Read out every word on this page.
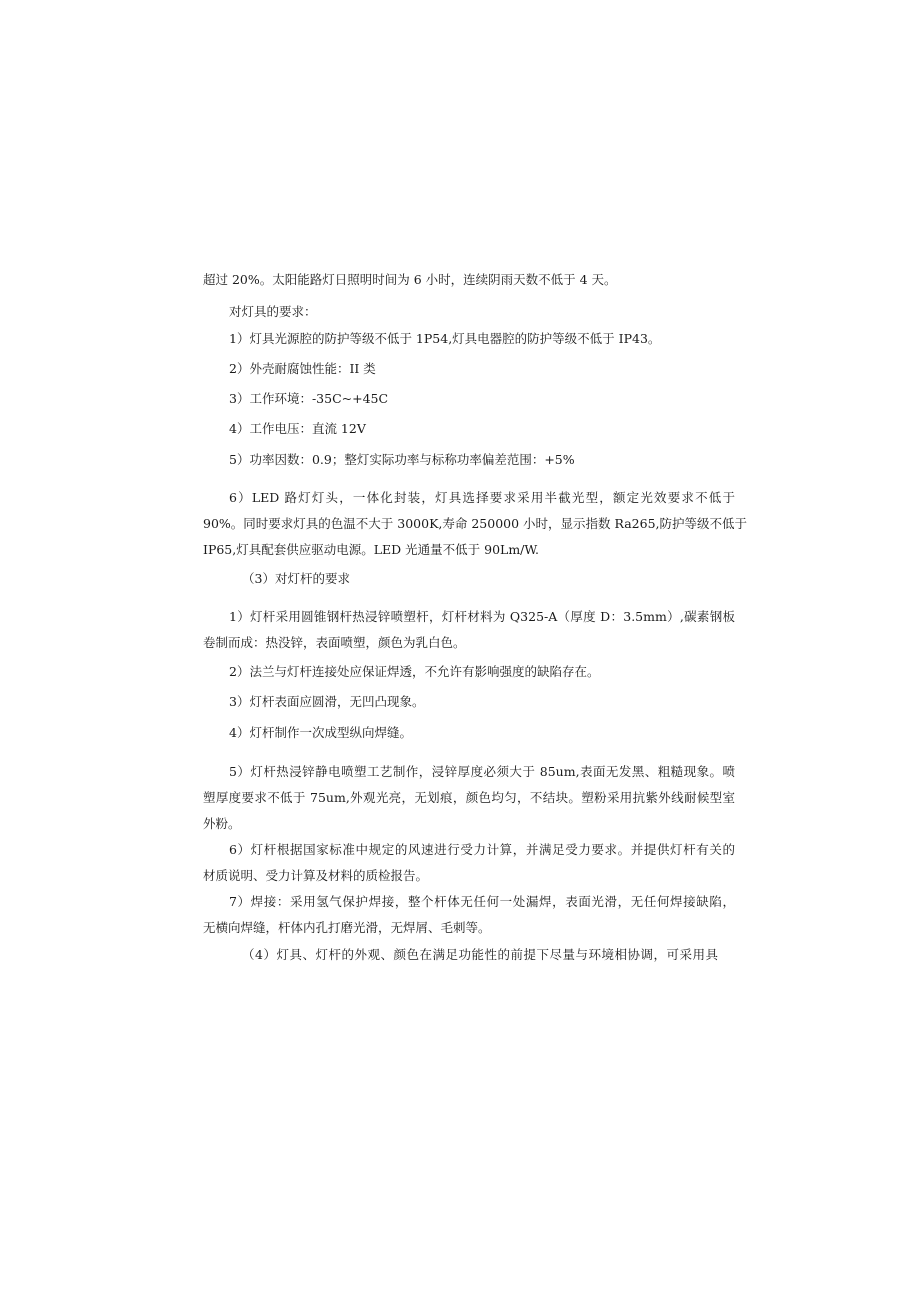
超过 20%。太阳能路灯日照明时间为 6 小时，连续阴雨天数不低于 4 天。

对灯具的要求：

1）灯具光源腔的防护等级不低于 1P54,灯具电器腔的防护等级不低于 IP43。

2）外壳耐腐蚀性能：II 类

3）工作环境：-35C~+45C

4）工作电压：直流 12V

5）功率因数：0.9；整灯实际功率与标称功率偏差范围：+5%

6）LED 路灯灯头，一体化封装，灯具选择要求采用半截光型，额定光效要求不低于

90%。同时要求灯具的色温不大于 3000K,寿命 250000 小时，显示指数 Ra265,防护等级不低于

IP65,灯具配套供应驱动电源。LED 光通量不低于 90Lm/W.

（3）对灯杆的要求

1）灯杆采用圆锥钢杆热浸锌喷塑杆，灯杆材料为 Q325-A（厚度 D：3.5mm）,碳素钢板

卷制而成：热没锌，表面喷塑，颜色为乳白色。

2）法兰与灯杆连接处应保证焊透，不允许有影响强度的缺陷存在。

3）灯杆表面应圆滑，无凹凸现象。

4）灯杆制作一次成型纵向焊缝。

5）灯杆热浸锌静电喷塑工艺制作，浸锌厚度必须大于 85um,表面无发黑、粗糙现象。喷

塑厚度要求不低于 75um,外观光亮，无划痕，颜色均匀，不结块。塑粉采用抗紫外线耐候型室

外粉。

6）灯杆根据国家标准中规定的风速进行受力计算，并满足受力要求。并提供灯杆有关的

材质说明、受力计算及材料的质检报告。

7）焊接：采用氢气保护焊接，整个杆体无任何一处漏焊，表面光滑，无任何焊接缺陷，

无横向焊缝，杆体内孔打磨光滑，无焊屑、毛刺等。

（4）灯具、灯杆的外观、颜色在满足功能性的前提下尽量与环境相协调，可采用具
